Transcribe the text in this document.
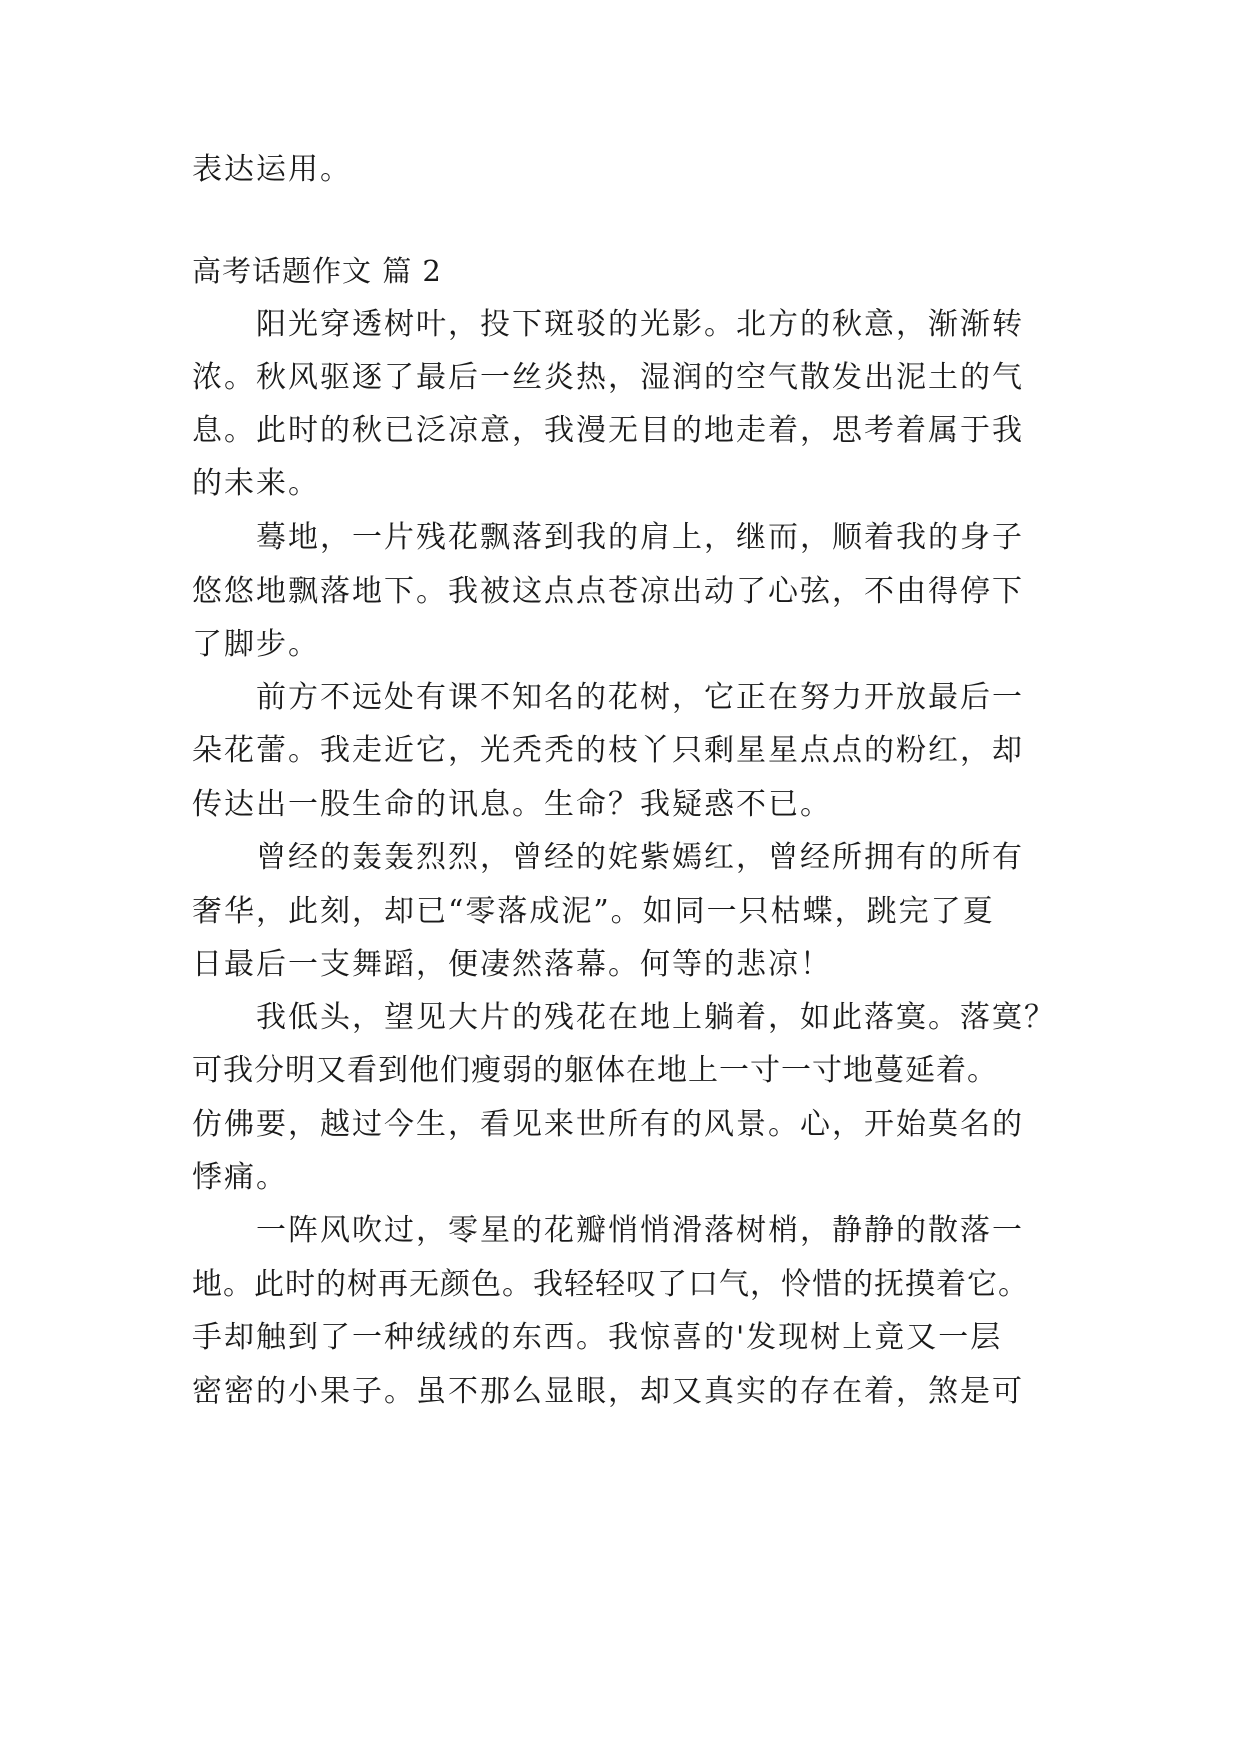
表达运用。

高考话题作文 篇 2

阳光穿透树叶，投下斑驳的光影。北方的秋意，渐渐转

浓。秋风驱逐了最后一丝炎热，湿润的空气散发出泥土的气

息。此时的秋已泛凉意，我漫无目的地走着，思考着属于我

的未来。

蓦地，一片残花飘落到我的肩上，继而，顺着我的身子

悠悠地飘落地下。我被这点点苍凉出动了心弦，不由得停下

了脚步。

前方不远处有课不知名的花树，它正在努力开放最后一

朵花蕾。我走近它，光秃秃的枝丫只剩星星点点的粉红，却

传达出一股生命的讯息。生命？我疑惑不已。

曾经的轰轰烈烈，曾经的姹紫嫣红，曾经所拥有的所有

奢华，此刻，却已“零落成泥”。如同一只枯蝶，跳完了夏

日最后一支舞蹈，便凄然落幕。何等的悲凉！

我低头，望见大片的残花在地上躺着，如此落寞。落寞？

可我分明又看到他们瘦弱的躯体在地上一寸一寸地蔓延着。

仿佛要，越过今生，看见来世所有的风景。心，开始莫名的

悸痛。

一阵风吹过，零星的花瓣悄悄滑落树梢，静静的散落一

地。此时的树再无颜色。我轻轻叹了口气，怜惜的抚摸着它。

手却触到了一种绒绒的东西。我惊喜的'发现树上竟又一层

密密的小果子。虽不那么显眼，却又真实的存在着，煞是可
